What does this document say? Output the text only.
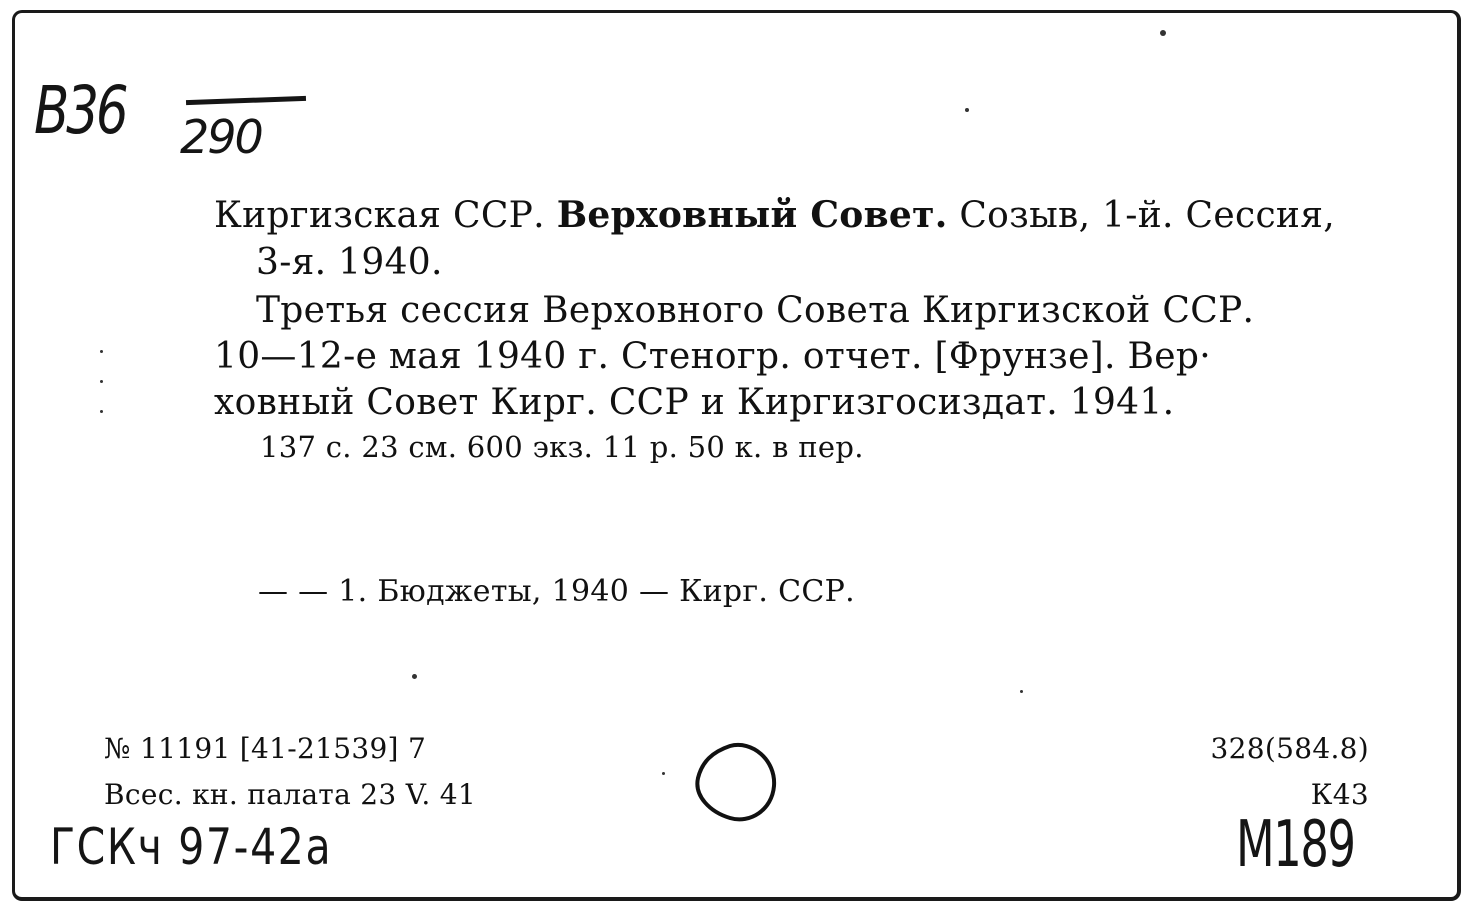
B36 290
Киргизская ССР. Верховный Совет. Созыв, 1-й. Сессия,
3-я. 1940.
Третья сессия Верховного Совета Киргизской ССР.
10—12-е мая 1940 г. Стеногр. отчет. [Фрунзе]. Вер·
ховный Совет Кирг. ССР и Киргизгосиздат. 1941.
137 с. 23 см. 600 экз. 11 р. 50 к. в пер.
— — 1. Бюджеты, 1940 — Кирг. ССР.
№ 11191 [41-21539] 7
Всес. кн. палата 23 V. 41
328(584.8)
К43
ГСКч 97-42а	M189
